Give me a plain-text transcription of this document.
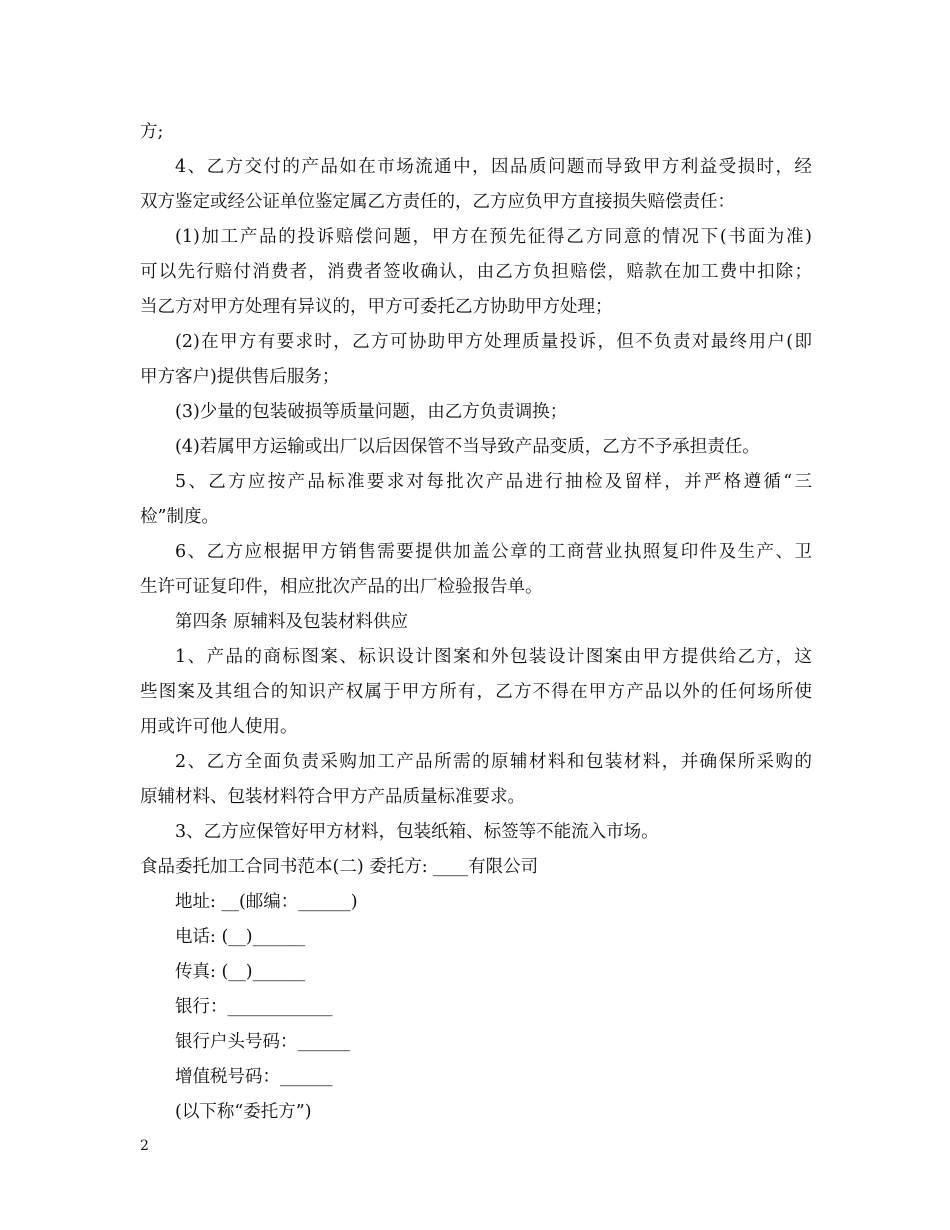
方;
4、乙方交付的产品如在市场流通中，因品质问题而导致甲方利益受损时，经
双方鉴定或经公证单位鉴定属乙方责任的，乙方应负甲方直接损失赔偿责任：
(1)加工产品的投诉赔偿问题，甲方在预先征得乙方同意的情况下(书面为准)
可以先行赔付消费者，消费者签收确认，由乙方负担赔偿，赔款在加工费中扣除；
当乙方对甲方处理有异议的，甲方可委托乙方协助甲方处理；
(2)在甲方有要求时，乙方可协助甲方处理质量投诉，但不负责对最终用户(即
甲方客户)提供售后服务；
(3)少量的包装破损等质量问题，由乙方负责调换；
(4)若属甲方运输或出厂以后因保管不当导致产品变质，乙方不予承担责任。
5、乙方应按产品标准要求对每批次产品进行抽检及留样，并严格遵循“三
检”制度。
6、乙方应根据甲方销售需要提供加盖公章的工商营业执照复印件及生产、卫
生许可证复印件，相应批次产品的出厂检验报告单。
第四条 原辅料及包装材料供应
1、产品的商标图案、标识设计图案和外包装设计图案由甲方提供给乙方，这
些图案及其组合的知识产权属于甲方所有，乙方不得在甲方产品以外的任何场所使
用或许可他人使用。
2、乙方全面负责采购加工产品所需的原辅材料和包装材料，并确保所采购的
原辅材料、包装材料符合甲方产品质量标准要求。
3、乙方应保管好甲方材料，包装纸箱、标签等不能流入市场。
食品委托加工合同书范本(二) 委托方: ____有限公司
地址: __(邮编：______)
电话: (__)______
传真: (__)______
银行：____________
银行户头号码：______
增值税号码：______
(以下称“委托方”)
2
